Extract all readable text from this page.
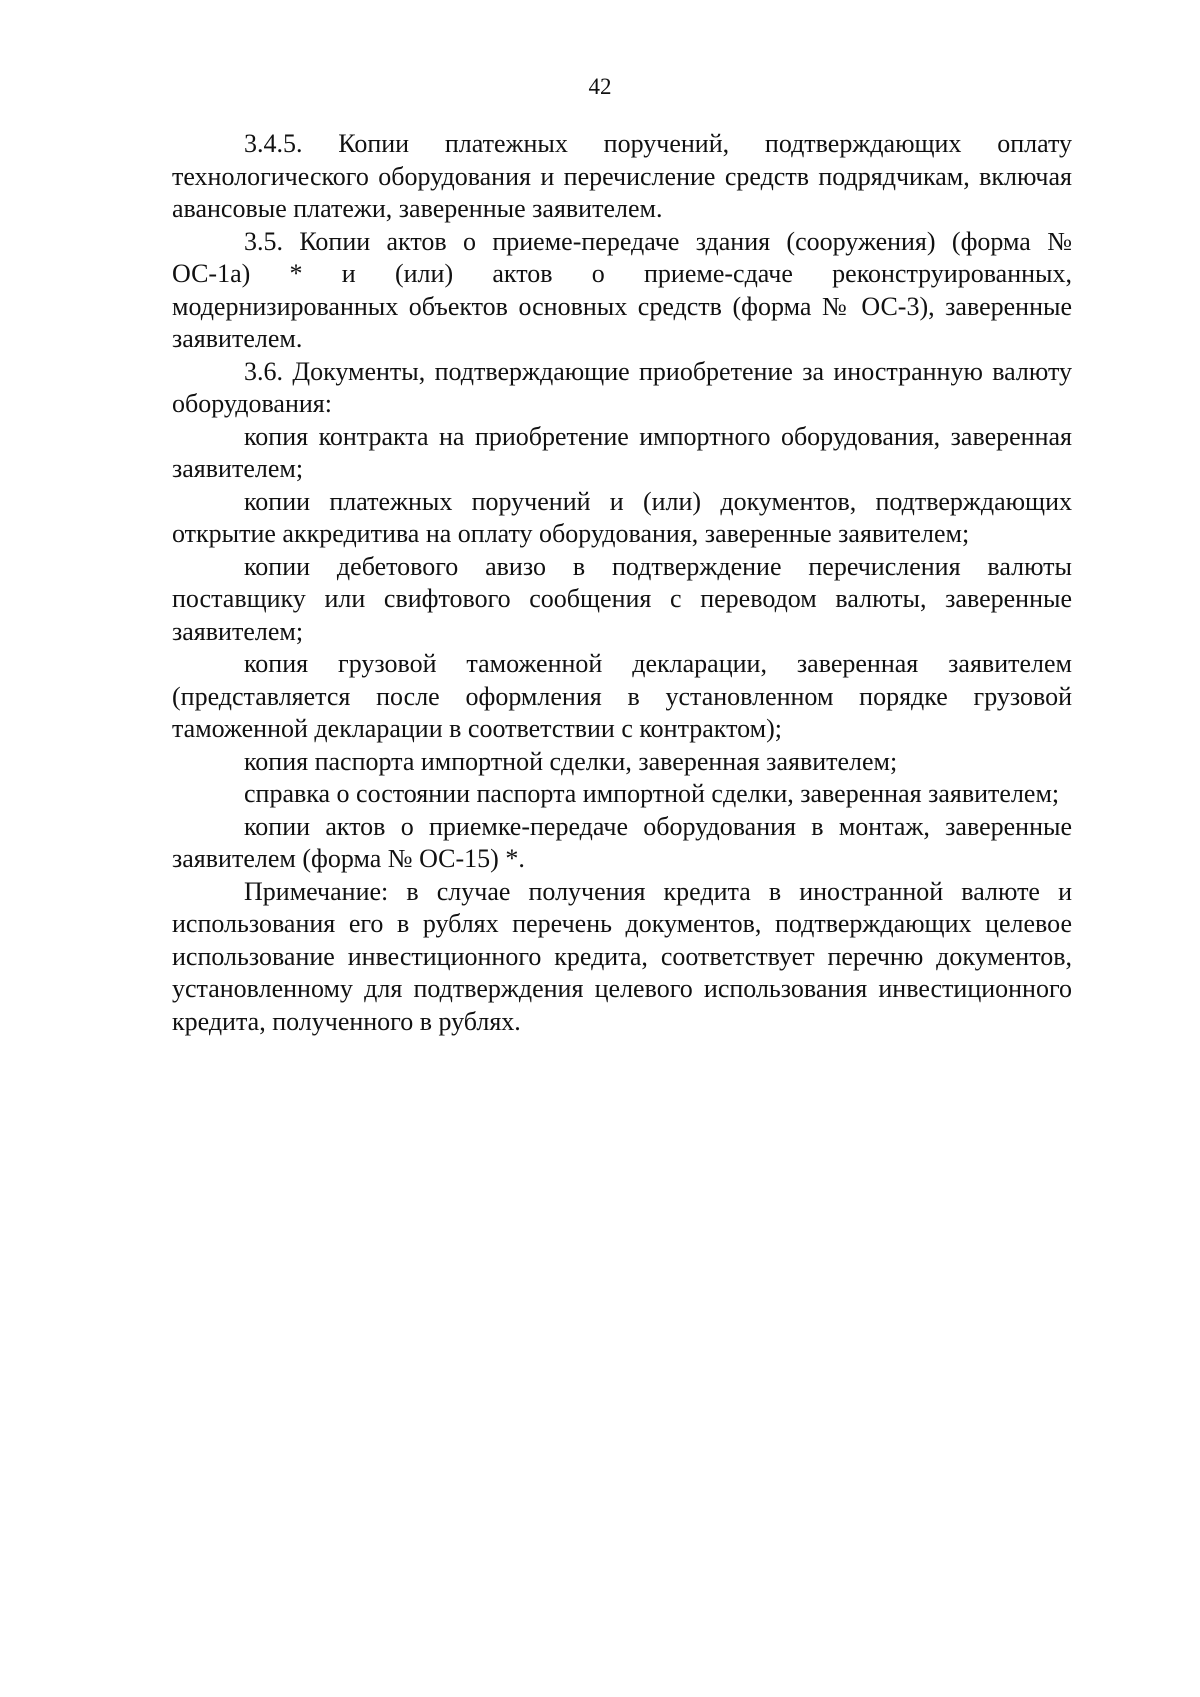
42

3.4.5. Копии платежных поручений, подтверждающих оплату технологического оборудования и перечисление средств подрядчикам, включая авансовые платежи, заверенные заявителем.

3.5. Копии актов о приеме-передаче здания (сооружения) (форма № ОС-1а) * и (или) актов о приеме-сдаче реконструированных, модернизированных объектов основных средств (форма № ОС-3), заверенные заявителем.

3.6. Документы, подтверждающие приобретение за иностранную валюту оборудования:

копия контракта на приобретение импортного оборудования, заверенная заявителем;

копии платежных поручений и (или) документов, подтверждающих открытие аккредитива на оплату оборудования, заверенные заявителем;

копии дебетового авизо в подтверждение перечисления валюты поставщику или свифтового сообщения с переводом валюты, заверенные заявителем;

копия грузовой таможенной декларации, заверенная заявителем (представляется после оформления в установленном порядке грузовой таможенной декларации в соответствии с контрактом);

копия паспорта импортной сделки, заверенная заявителем;

справка о состоянии паспорта импортной сделки, заверенная заявителем;

копии актов о приемке-передаче оборудования в монтаж, заверенные заявителем (форма № ОС-15) *.

Примечание: в случае получения кредита в иностранной валюте и использования его в рублях перечень документов, подтверждающих целевое использование инвестиционного кредита, соответствует перечню документов, установленному для подтверждения целевого использования инвестиционного кредита, полученного в рублях.
